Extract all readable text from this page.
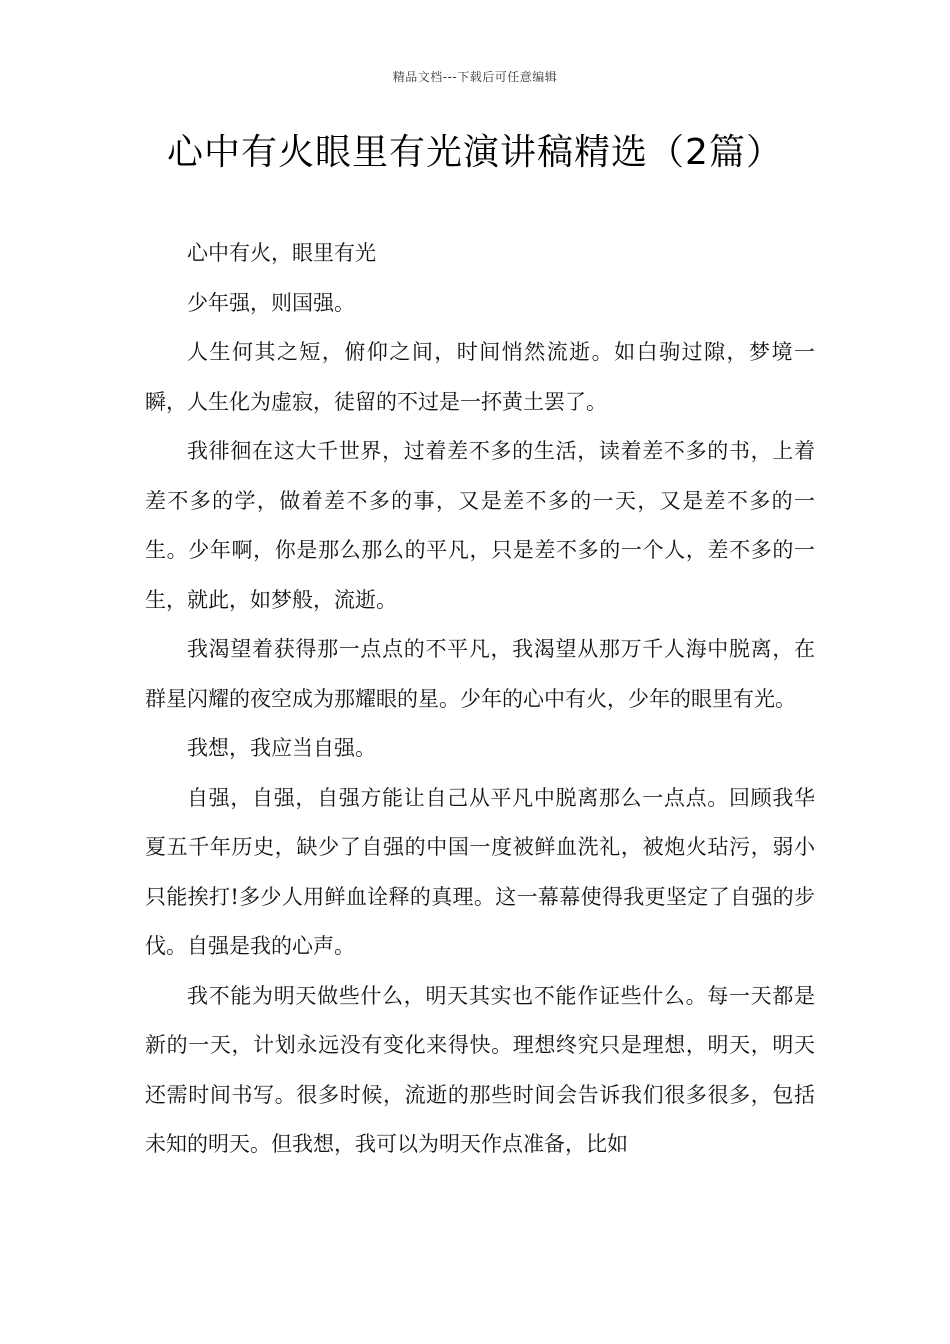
精品文档---下载后可任意编辑
心中有火眼里有光演讲稿精选（2篇）

心中有火，眼里有光

少年强，则国强。

人生何其之短，俯仰之间，时间悄然流逝。如白驹过隙，梦境一瞬，人生化为虚寂，徒留的不过是一抔黄土罢了。

我徘徊在这大千世界，过着差不多的生活，读着差不多的书，上着差不多的学，做着差不多的事，又是差不多的一天，又是差不多的一生。少年啊，你是那么那么的平凡，只是差不多的一个人，差不多的一生，就此，如梦般，流逝。

我渴望着获得那一点点的不平凡，我渴望从那万千人海中脱离，在群星闪耀的夜空成为那耀眼的星。少年的心中有火，少年的眼里有光。

我想，我应当自强。

自强，自强，自强方能让自己从平凡中脱离那么一点点。回顾我华夏五千年历史，缺少了自强的中国一度被鲜血洗礼，被炮火玷污，弱小只能挨打!多少人用鲜血诠释的真理。这一幕幕使得我更坚定了自强的步伐。自强是我的心声。

我不能为明天做些什么，明天其实也不能作证些什么。每一天都是新的一天，计划永远没有变化来得快。理想终究只是理想，明天，明天还需时间书写。很多时候，流逝的那些时间会告诉我们很多很多，包括未知的明天。但我想，我可以为明天作点准备，比如
